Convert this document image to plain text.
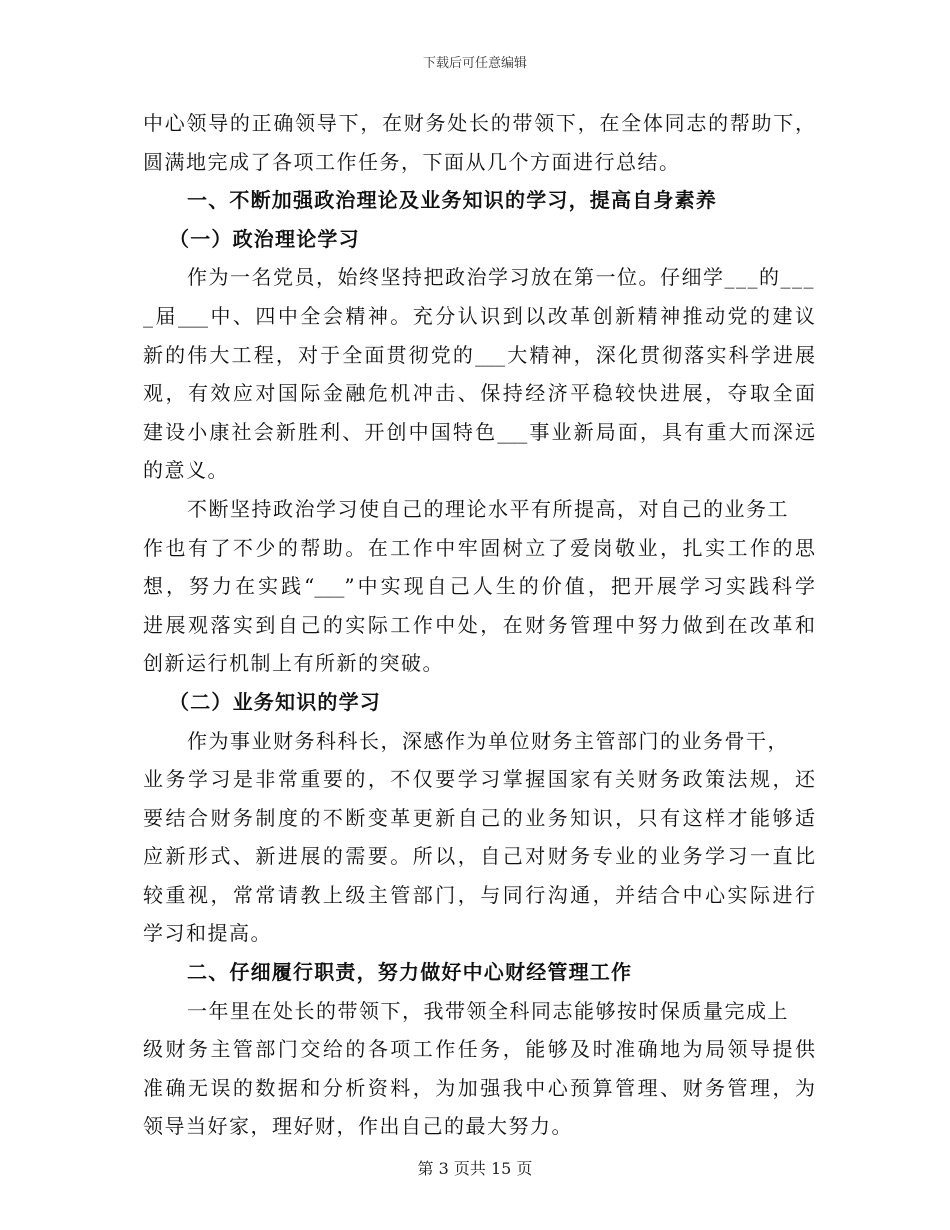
下载后可任意编辑
中心领导的正确领导下，在财务处长的带领下，在全体同志的帮助下，
圆满地完成了各项工作任务，下面从几个方面进行总结。
一、不断加强政治理论及业务知识的学习，提高自身素养
（一）政治理论学习
作为一名党员，始终坚持把政治学习放在第一位。仔细学___的___
_届___中、四中全会精神。充分认识到以改革创新精神推动党的建议
新的伟大工程，对于全面贯彻党的___大精神，深化贯彻落实科学进展
观，有效应对国际金融危机冲击、保持经济平稳较快进展，夺取全面
建设小康社会新胜利、开创中国特色___事业新局面，具有重大而深远
的意义。
不断坚持政治学习使自己的理论水平有所提高，对自己的业务工
作也有了不少的帮助。在工作中牢固树立了爱岗敬业，扎实工作的思
想，努力在实践“___”中实现自己人生的价值，把开展学习实践科学
进展观落实到自己的实际工作中处，在财务管理中努力做到在改革和
创新运行机制上有所新的突破。
（二）业务知识的学习
作为事业财务科科长，深感作为单位财务主管部门的业务骨干，
业务学习是非常重要的，不仅要学习掌握国家有关财务政策法规，还
要结合财务制度的不断变革更新自己的业务知识，只有这样才能够适
应新形式、新进展的需要。所以，自己对财务专业的业务学习一直比
较重视，常常请教上级主管部门，与同行沟通，并结合中心实际进行
学习和提高。
二、仔细履行职责，努力做好中心财经管理工作
一年里在处长的带领下，我带领全科同志能够按时保质量完成上
级财务主管部门交给的各项工作任务，能够及时准确地为局领导提供
准确无误的数据和分析资料，为加强我中心预算管理、财务管理，为
领导当好家，理好财，作出自己的最大努力。
第 3 页共 15 页
